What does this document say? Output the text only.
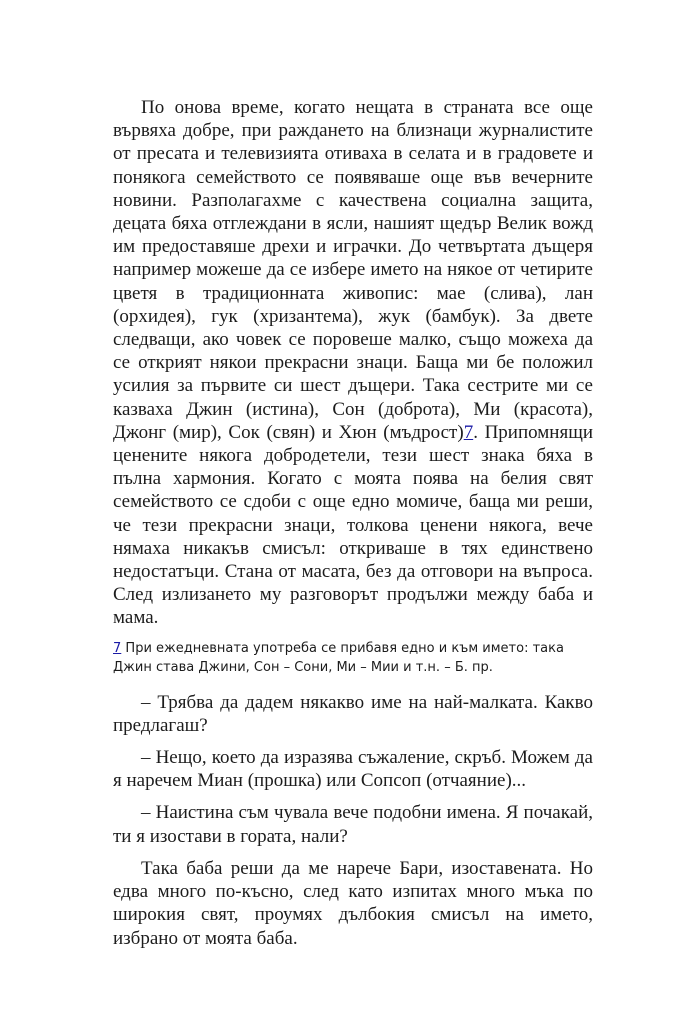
По онова време, когато нещата в страната все още вървяха добре, при раждането на близнаци журналистите от пресата и телевизията отиваха в селата и в градовете и понякога семейството се появяваше още във вечерните новини. Разполагахме с качествена социална защита, децата бяха отглеждани в ясли, нашият щедър Велик вожд им предоставяше дрехи и играчки. До четвъртата дъщеря например можеше да се избере името на някое от четирите цветя в традиционната живопис: мае (слива), лан (орхидея), гук (хризантема), жук (бамбук). За двете следващи, ако човек се поровеше малко, също можеха да се открият някои прекрасни знаци. Баща ми бе положил усилия за първите си шест дъщери. Така сестрите ми се казваха Джин (истина), Сон (доброта), Ми (красота), Джонг (мир), Сок (свян) и Хюн (мъдрост)7. Припомнящи ценените някога добродетели, тези шест знака бяха в пълна хармония. Когато с моята поява на белия свят семейството се сдоби с още едно момиче, баща ми реши, че тези прекрасни знаци, толкова ценени някога, вече нямаха никакъв смисъл: откриваше в тях единствено недостатъци. Стана от масата, без да отговори на въпроса. След излизането му разговорът продължи между баба и мама.

7 При ежедневната употреба се прибавя едно и към името: така Джин става Джини, Сон – Сони, Ми – Мии и т.н. – Б. пр.

– Трябва да дадем някакво име на най-малката. Какво предлагаш?

– Нещо, което да изразява съжаление, скръб. Можем да я наречем Миан (прошка) или Сопсоп (отчаяние)...

– Наистина съм чувала вече подобни имена. Я почакай, ти я изостави в гората, нали?

Така баба реши да ме нарече Бари, изоставената. Но едва много по-късно, след като изпитах много мъка по широкия свят, проумях дълбокия смисъл на името, избрано от моята баба.
